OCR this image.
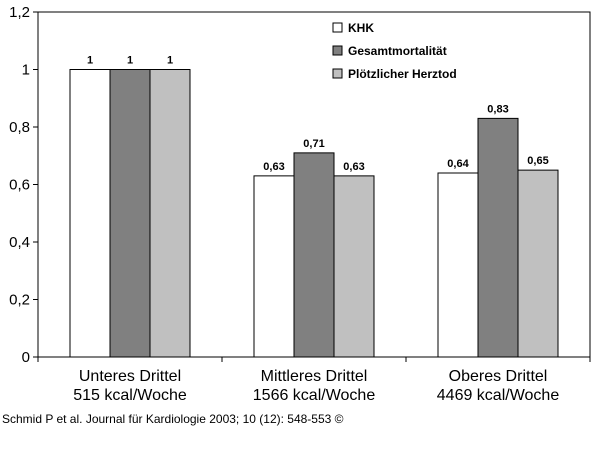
0
0,2
0,4
0,6
0,8
1
1,2
1	1	1
Unteres Drittel
515 kcal/Woche
0,63
0,71
0,63
Mittleres Drittel
1566 kcal/Woche
0,64
0,83
0,65
Oberes Drittel
4469 kcal/Woche
KHK
Gesamtmortalität
Plötzlicher Herztod
Schmid P et al. Journal für Kardiologie 2003; 10 (12): 548-553 ©
